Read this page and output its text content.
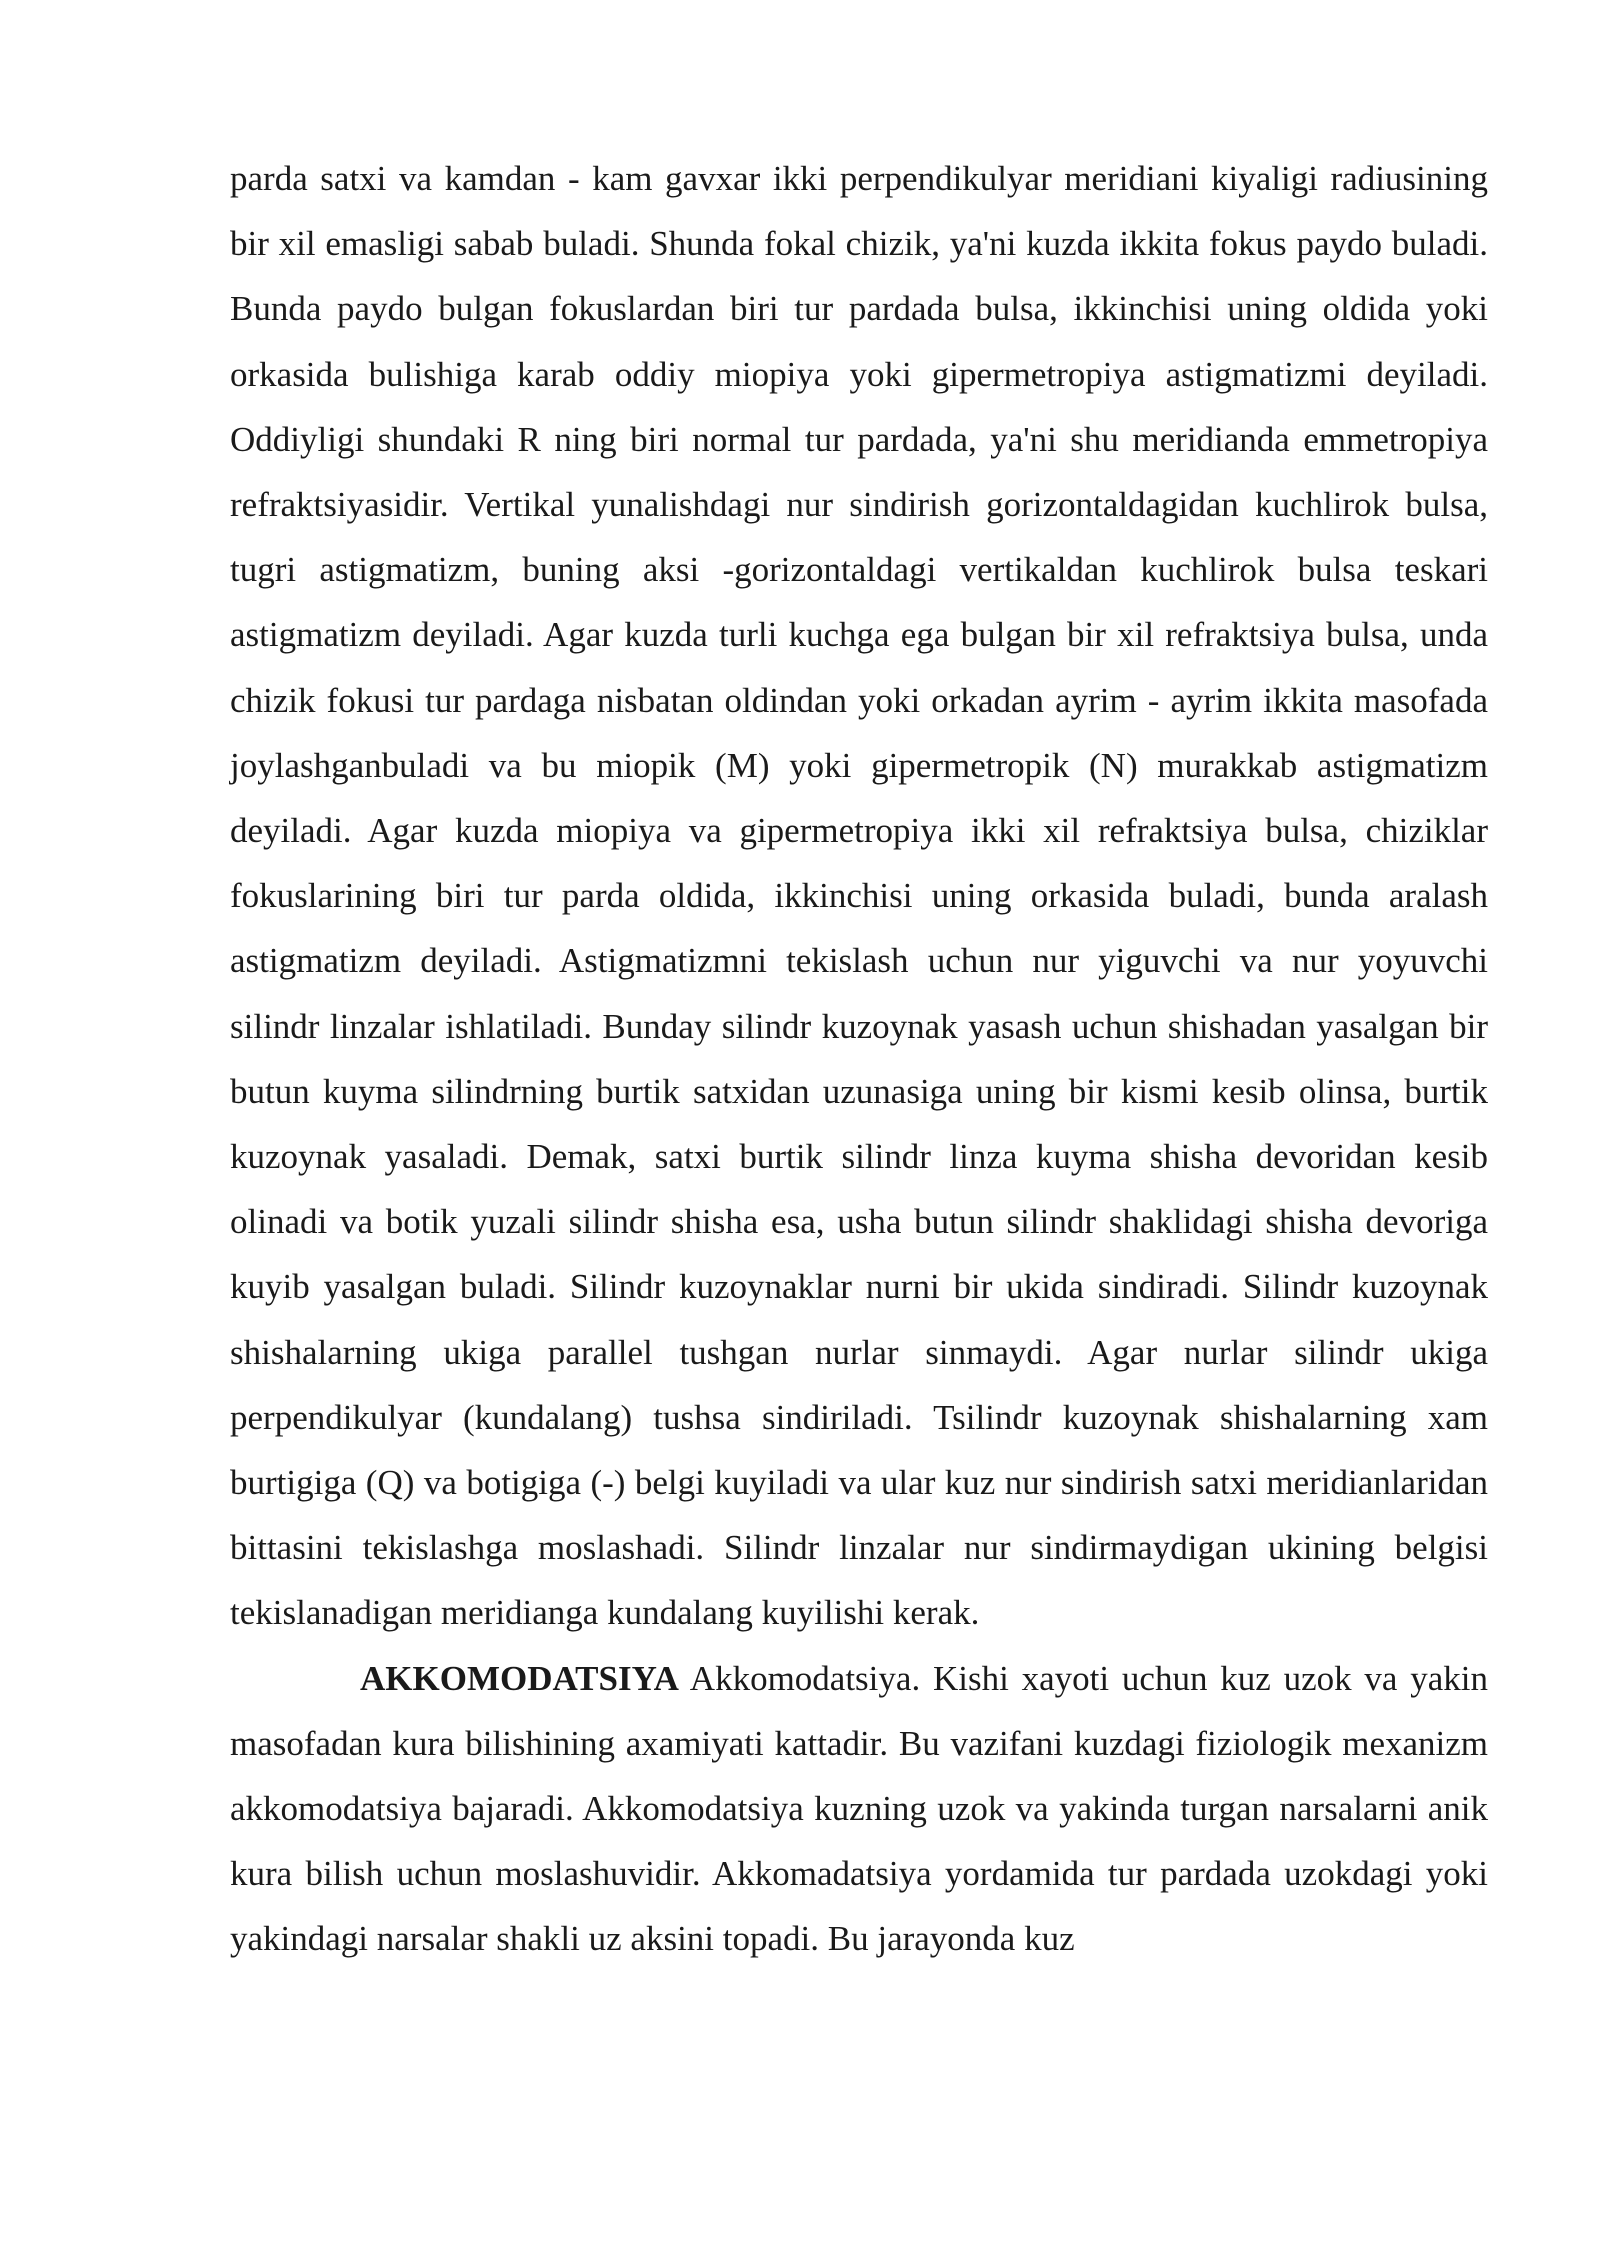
parda satxi va kamdan - kam gavxar ikki perpendikulyar meridiani kiyaligi radiusining bir xil emasligi sabab buladi. Shunda fokal chizik, ya'ni kuzda ikkita fokus paydo buladi. Bunda paydo bulgan fokuslardan biri tur pardada bulsa, ikkinchisi uning oldida yoki orkasida bulishiga karab oddiy miopiya yoki gipermetropiya astigmatizmi deyiladi. Oddiyligi shundaki R ning biri normal tur pardada, ya'ni shu meridianda emmetropiya refraktsiyasidir. Vertikal yunalishdagi nur sindirish gorizontaldagidan kuchlirok bulsa, tugri astigmatizm, buning aksi -gorizontaldagi vertikaldan kuchlirok bulsa teskari astigmatizm deyiladi. Agar kuzda turli kuchga ega bulgan bir xil refraktsiya bulsa, unda chizik fokusi tur pardaga nisbatan oldindan yoki orkadan ayrim - ayrim ikkita masofada joylashganbuladi va bu miopik (M) yoki gipermetropik (N) murakkab astigmatizm deyiladi. Agar kuzda miopiya va gipermetropiya ikki xil refraktsiya bulsa, chiziklar fokuslarining biri tur parda oldida, ikkinchisi uning orkasida buladi, bunda aralash astigmatizm deyiladi. Astigmatizmni tekislash uchun nur yiguvchi va nur yoyuvchi silindr linzalar ishlatiladi. Bunday silindr kuzoynak yasash uchun shishadan yasalgan bir butun kuyma silindrning burtik satxidan uzunasiga uning bir kismi kesib olinsa, burtik kuzoynak yasaladi. Demak, satxi burtik silindr linza kuyma shisha devoridan kesib olinadi va botik yuzali silindr shisha esa, usha butun silindr shaklidagi shisha devoriga kuyib yasalgan buladi. Silindr kuzoynaklar nurni bir ukida sindiradi. Silindr kuzoynak shishalarning ukiga parallel tushgan nurlar sinmaydi. Agar nurlar silindr ukiga perpendikulyar (kundalang) tushsa sindiriladi. Tsilindr kuzoynak shishalarning xam burtigiga (Q) va botigiga (-) belgi kuyiladi va ular kuz nur sindirish satxi meridianlaridan bittasini tekislashga moslashadi. Silindr linzalar nur sindirmaydigan ukining belgisi tekislanadigan meridianga kundalang kuyilishi kerak.

AKKOMODATSIYA Akkomodatsiya. Kishi xayoti uchun kuz uzok va yakin masofadan kura bilishining axamiyati kattadir. Bu vazifani kuzdagi fiziologik mexanizm akkomodatsiya bajaradi. Akkomodatsiya kuzning uzok va yakinda turgan narsalarni anik kura bilish uchun moslashuvidir. Akkomadatsiya yordamida tur pardada uzokdagi yoki yakindagi narsalar shakli uz aksini topadi. Bu jarayonda kuz
